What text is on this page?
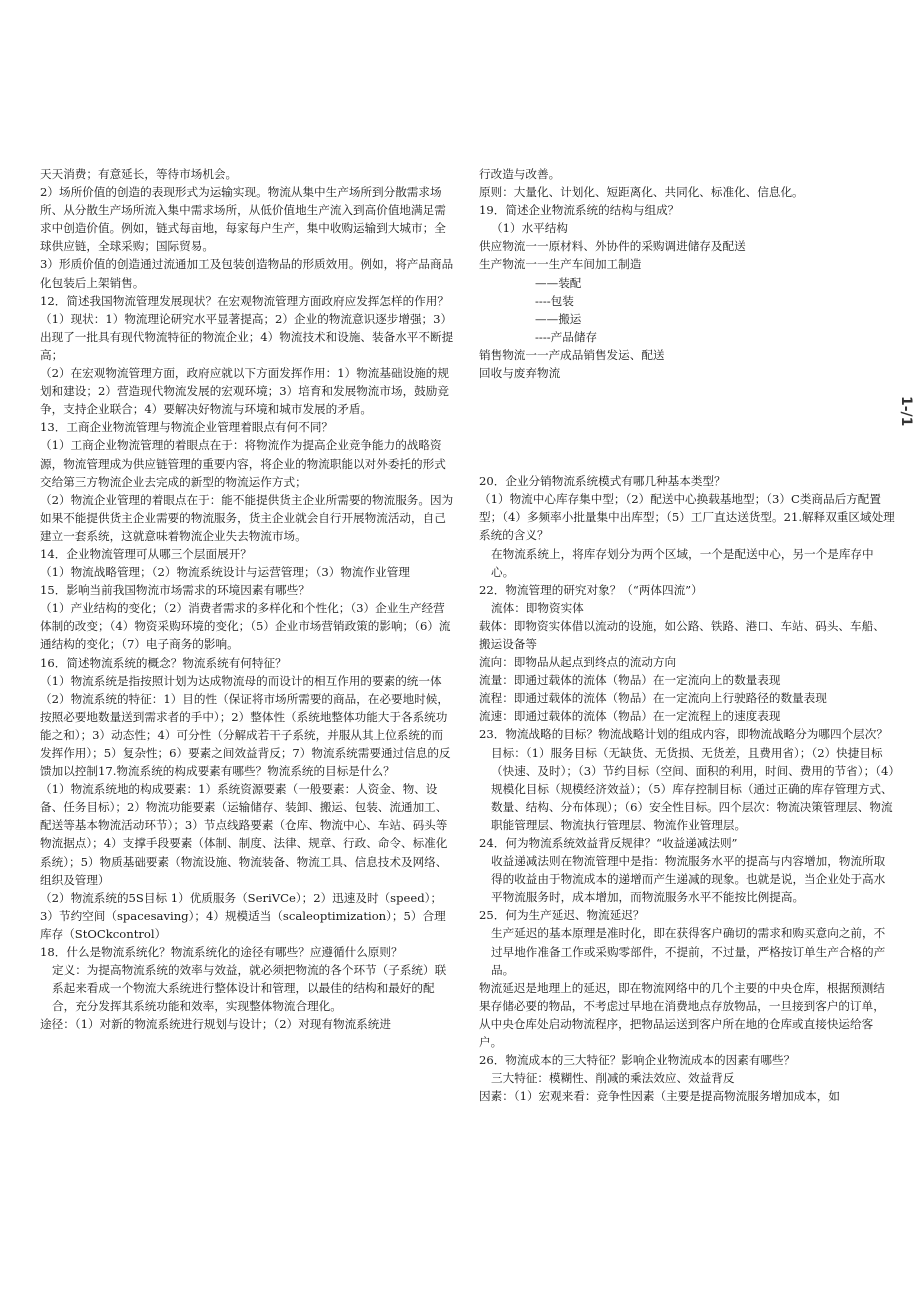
天天消费；有意延长，等待市场机会。

2）场所价值的创造的表现形式为运输实现。物流从集中生产场所到分散需求场所、从分散生产场所流入集中需求场所，从低价值地生产流入到高价值地满足需求中创造价值。例如，链式每亩地，每家每户生产，集中收购运输到大城市；全球供应链，全球采购；国际贸易。

3）形质价值的创造通过流通加工及包装创造物品的形质效用。例如，将产品商品化包装后上架销售。

12．简述我国物流管理发展现状？在宏观物流管理方面政府应发挥怎样的作用？

（1）现状：1）物流理论研究水平显著提高；2）企业的物流意识逐步增强；3）出现了一批具有现代物流特征的物流企业；4）物流技术和设施、装备水平不断提高；

（2）在宏观物流管理方面，政府应就以下方面发挥作用：1）物流基础设施的规划和建设；2）营造现代物流发展的宏观环境；3）培育和发展物流市场，鼓励竞争，支持企业联合；4）要解决好物流与环境和城市发展的矛盾。

13．工商企业物流管理与物流企业管理着眼点有何不同？

（1）工商企业物流管理的着眼点在于：将物流作为提高企业竞争能力的战略资源，物流管理成为供应链管理的重要内容，将企业的物流职能以对外委托的形式交给第三方物流企业去完成的新型的物流运作方式；

（2）物流企业管理的着眼点在于：能不能提供货主企业所需要的物流服务。因为如果不能提供货主企业需要的物流服务，货主企业就会自行开展物流活动，自己建立一套系统，这就意味着物流企业失去物流市场。

14．企业物流管理可从哪三个层面展开？

（1）物流战略管理；（2）物流系统设计与运营管理；（3）物流作业管理

15．影响当前我国物流市场需求的环境因素有哪些？

（1）产业结构的变化；（2）消费者需求的多样化和个性化；（3）企业生产经营体制的改变；（4）物资采购环境的变化；（5）企业市场营销政策的影响；（6）流通结构的变化；（7）电子商务的影响。

16．简述物流系统的概念？物流系统有何特征？

（1）物流系统是指按照计划为达成物流母的而设计的相互作用的要素的统一体

（2）物流系统的特征：1）目的性（保证将市场所需要的商品，在必要地时候，按照必要地数量送到需求者的手中）；2）整体性（系统地整体功能大于各系统功能之和）；3）动态性；4）可分性（分解成若干子系统，并服从其上位系统的而发挥作用）；5）复杂性；6）要素之间效益背反；7）物流系统需要通过信息的反馈加以控制17.物流系统的构成要素有哪些？物流系统的目标是什么？

（1）物流系统地的构成要素：1）系统资源要素（一般要素：人资金、物、设备、任务目标）；2）物流功能要素（运输储存、装卸、搬运、包装、流通加工、配送等基本物流活动环节）；3）节点线路要素（仓库、物流中心、车站、码头等物流据点）；4）支撑手段要素（体制、制度、法律、规章、行政、命令、标准化系统）；5）物质基础要素（物流设施、物流装备、物流工具、信息技术及网络、组织及管理）

（2）物流系统的5S目标 1）优质服务（SeriVCe）；2）迅速及时（speed）；3）节约空间（spacesaving）；4）规模适当（scaleoptimization）；5）合理库存（StOCkcontrol）

18．什么是物流系统化？物流系统化的途径有哪些？应遵循什么原则？

定义：为提高物流系统的效率与效益，就必须把物流的各个环节（子系统）联系起来看成一个物流大系统进行整体设计和管理，以最佳的结构和最好的配合，充分发挥其系统功能和效率，实现整体物流合理化。

途径：（1）对新的物流系统进行规划与设计；（2）对现有物流系统进

行改造与改善。

原则：大量化、计划化、短距离化、共同化、标准化、信息化。

19．简述企业物流系统的结构与组成？

（1）水平结构

供应物流一一原材料、外协件的采购调进储存及配送

生产物流一一生产车间加工制造

——装配

----包装

——搬运

----产品储存

销售物流一一产成品销售发运、配送

回收与废弃物流

20．企业分销物流系统模式有哪几种基本类型？

（1）物流中心库存集中型；（2）配送中心换载基地型；（3）C类商品后方配置型；（4）多频率小批量集中出库型；（5）工厂直达送货型。21.解释双重区域处理系统的含义？

在物流系统上，将库存划分为两个区域，一个是配送中心，另一个是库存中心。

22．物流管理的研究对象？（“两体四流”）

流体：即物资实体

载体：即物资实体借以流动的设施，如公路、铁路、港口、车站、码头、车船、搬运设备等

流向：即物品从起点到终点的流动方向

流量：即通过载体的流体（物品）在一定流向上的数量表现

流程：即通过载体的流体（物品）在一定流向上行驶路径的数量表现

流速：即通过载体的流体（物品）在一定流程上的速度表现

23．物流战略的目标？物流战略计划的组成内容，即物流战略分为哪四个层次？

目标：（1）服务目标（无缺货、无货损、无货差，且费用省）；（2）快捷目标（快速、及时）；（3）节约目标（空间、面积的利用，时间、费用的节省）；（4）规模化目标（规模经济效益）；（5）库存控制目标（通过正确的库存管理方式、数量、结构、分布体现）；（6）安全性目标。四个层次：物流决策管理层、物流职能管理层、物流执行管理层、物流作业管理层。

24．何为物流系统效益背反规律？“收益递减法则”

收益递减法则在物流管理中是指：物流服务水平的提高与内容增加，物流所取得的收益由于物流成本的递增而产生递减的现象。也就是说，当企业处于高水平物流服务时，成本增加，而物流服务水平不能按比例提高。

25．何为生产延迟、物流延迟？

生产延迟的基本原理是准时化，即在获得客户确切的需求和购买意向之前，不过早地作准备工作或采购零部件，不提前，不过量，严格按订单生产合格的产品。

物流延迟是地理上的延迟，即在物流网络中的几个主要的中央仓库，根据预测结果存储必要的物品，不考虑过早地在消费地点存放物品，一旦接到客户的订单，从中央仓库处启动物流程序，把物品运送到客户所在地的仓库或直接快运给客户。

26．物流成本的三大特征？影响企业物流成本的因素有哪些？

三大特征：模糊性、削减的乘法效应、效益背反

因素：（1）宏观来看：竞争性因素（主要是提高物流服务增加成本，如

1-/1
